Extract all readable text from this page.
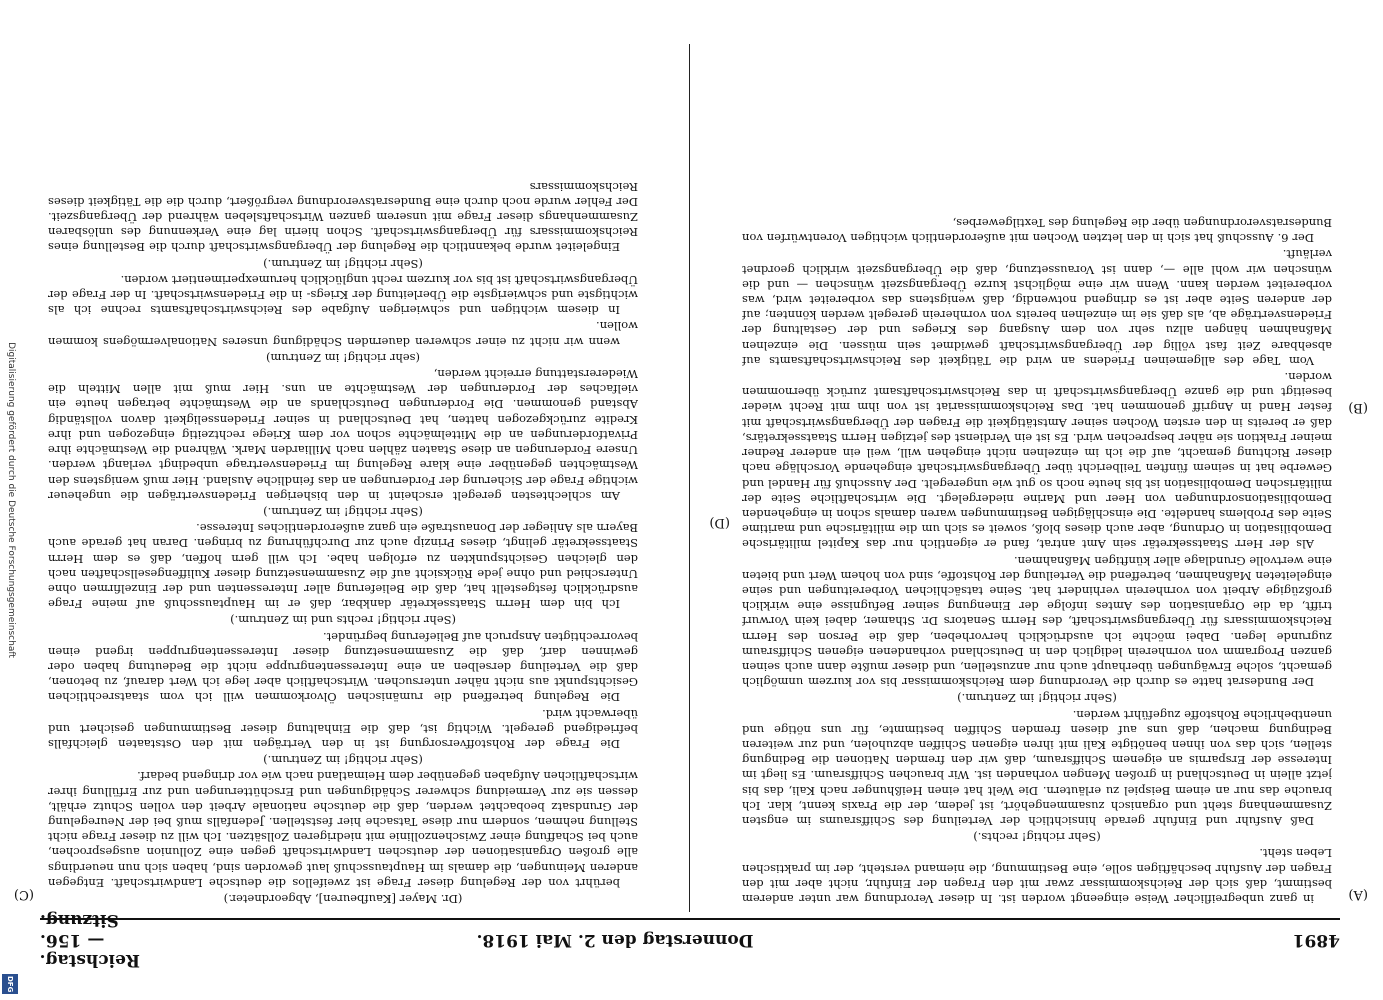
Digitalisierung gefördert durch die Deutsche Forschungsgemeinschaft
DFG
4891
Donnerstag den 2. Mai 1918.
Reichstag. — 156. Sitzung.
(C)
(D)
(A)
(B)

in ganz unbegreiflicher Weise eingeengt worden ist. In dieser Verordnung war unter anderem bestimmt, daß sich der Reichskommissar zwar mit den Fragen der Einfuhr, nicht aber mit den Fragen der Ausfuhr beschäftigen solle, eine Bestimmung, die niemand versteht, der im praktischen Leben steht.

(Sehr richtig! rechts.)

Daß Ausfuhr und Einfuhr gerade hinsichtlich der Verteilung des Schiffsraums im engsten Zusammenhang steht und organisch zusammengehört, ist jedem, der die Praxis kennt, klar. Ich brauche das nur an einem Beispiel zu erläutern. Die Welt hat einen Heißhunger nach Kali, das bis jetzt allein in Deutschland in großen Mengen vorhanden ist. Wir brauchen Schiffsraum. Es liegt im Interesse der Ersparnis an eigenem Schiffsraum, daß wir den fremden Nationen die Bedingung stellen, sich das von ihnen benötigte Kali mit ihren eigenen Schiffen abzuholen, und zur weiteren Bedingung machen, daß uns auf diesen fremden Schiffen bestimmte, für uns nötige und unentbehrliche Rohstoffe zugeführt werden.

(Sehr richtig! im Zentrum.)

Der Bundesrat hatte es durch die Verordnung dem Reichskommissar bis vor kurzem unmöglich gemacht, solche Erwägungen überhaupt auch nur anzustellen, und dieser mußte dann auch seinen ganzen Programm von vornherein lediglich den in Deutschland vorhandenen eigenen Schiffsraum zugrunde legen. Dabei möchte ich ausdrücklich hervorheben, daß die Person des Herrn Reichskommissars für Übergangswirtschaft, des Herrn Senators Dr. Sthamer, dabei kein Vorwurf trifft, da die Organisation des Amtes infolge der Einengung seiner Befugnisse eine wirklich großzügige Arbeit von vornherein verhindert hat. Seine tatsächlichen Vorbereitungen und seine eingeleiteten Maßnahmen, betreffend die Verteilung der Rohstoffe, sind von hohem Wert und bieten eine wertvolle Grundlage aller künftigen Maßnahmen.

Als der Herr Staatssekretär sein Amt antrat, fand er eigentlich nur das Kapitel militärische Demobilisation in Ordnung, aber auch dieses bloß, soweit es sich um die militärische und maritime Seite des Problems handelte. Die einschlägigen Bestimmungen waren damals schon in eingehenden Demobilisationsordnungen von Heer und Marine niedergelegt. Die wirtschaftliche Seite der militärischen Demobilisation ist bis heute noch so gut wie ungeregelt. Der Ausschuß für Handel und Gewerbe hat in seinem fünften Teilbericht über Übergangswirtschaft eingehende Vorschläge nach dieser Richtung gemacht, auf die ich im einzelnen nicht eingehen will, weil ein anderer Redner meiner Fraktion sie näher besprechen wird. Es ist ein Verdienst des jetzigen Herrn Staatssekretärs, daß er bereits in den ersten Wochen seiner Amtstätigkeit die Fragen der Übergangswirtschaft mit fester Hand in Angriff genommen hat. Das Reichskommissariat ist von ihm mit Recht wieder beseitigt und die ganze Übergangswirtschaft in das Reichswirtschaftsamt zurück übernommen worden.

Vom Tage des allgemeinen Friedens an wird die Tätigkeit des Reichswirtschaftsamts auf absehbare Zeit fast völlig der Übergangswirtschaft gewidmet sein müssen. Die einzelnen Maßnahmen hängen allzu sehr von dem Ausgang des Krieges und der Gestaltung der Friedensverträge ab, als daß sie im einzelnen bereits von vornherein geregelt werden könnten; auf der anderen Seite aber ist es dringend notwendig, daß wenigstens das vorbereitet wird, was vorbereitet werden kann. Wenn wir eine möglichst kurze Übergangszeit wünschen — und die wünschen wir wohl alle —, dann ist Voraussetzung, daß die Übergangszeit wirklich geordnet verläuft.

Der 6. Ausschuß hat sich in den letzten Wochen mit außerordentlich wichtigen Vorentwürfen von Bundesratsverordnungen über die Regelung des Textilgewerbes,

(Dr. Mayer [Kaufbeuren], Abgeordneter.)

berührt von der Regelung dieser Frage ist zweifellos die deutsche Landwirtschaft. Entgegen anderen Meinungen, die damals im Hauptausschuß laut geworden sind, haben sich nun neuerdings alle großen Organisationen der deutschen Landwirtschaft gegen eine Zollunion ausgesprochen, auch bei Schaffung einer Zwischenzollinie mit niedrigeren Zollsätzen. Ich will zu dieser Frage nicht Stellung nehmen, sondern nur diese Tatsache hier feststellen. Jedenfalls muß bei der Neuregelung der Grundsatz beobachtet werden, daß die deutsche nationale Arbeit den vollen Schutz erhält, dessen sie zur Vermeidung schwerer Schädigungen und Erschütterungen und zur Erfüllung ihrer wirtschaftlichen Aufgaben gegenüber dem Heimatland nach wie vor dringend bedarf.

(Sehr richtig! im Zentrum.)

Die Frage der Rohstoffversorgung ist in den Verträgen mit den Oststaaten gleichfalls befriedigend geregelt. Wichtig ist, daß die Einhaltung dieser Bestimmungen gesichert und überwacht wird.

Die Regelung betreffend die rumänischen Ölvorkommen will ich vom staatsrechtlichen Gesichtspunkt aus nicht näher untersuchen. Wirtschaftlich aber lege ich Wert darauf, zu betonen, daß die Verteilung derselben an eine Interessentengruppe nicht die Bedeutung haben oder gewinnen darf, daß die Zusammensetzung dieser Interessentengruppen irgend einen bevorrechtigten Anspruch auf Belieferung begründet.

(Sehr richtig! rechts und im Zentrum.)

Ich bin dem Herrn Staatssekretär dankbar, daß er im Hauptausschuß auf meine Frage ausdrücklich festgestellt hat, daß die Belieferung aller Interessenten und der Einzelfirmen ohne Unterschied und ohne jede Rücksicht auf die Zusammensetzung dieser Kuliffengesellschaften nach den gleichen Gesichtspunkten zu erfolgen habe. Ich will gern hoffen, daß es dem Herrn Staatssekretär gelingt, dieses Prinzip auch zur Durchführung zu bringen. Daran hat gerade auch Bayern als Anlieger der Donaustraße ein ganz außerordentliches Interesse.

(Sehr richtig! im Zentrum.)

Am schlechtesten geregelt erscheint in den bisherigen Friedensverträgen die ungeheuer wichtige Frage der Sicherung der Forderungen an das feindliche Ausland. Hier muß wenigstens den Westmächten gegenüber eine klare Regelung im Friedensvertrage unbedingt verlangt werden. Unsere Forderungen an diese Staaten zählen nach Milliarden Mark. Während die Westmächte ihre Privatforderungen an die Mittelmächte schon vor dem Kriege rechtzeitig eingezogen und ihre Kredite zurückgezogen hatten, hat Deutschland in seiner Friedensseligkeit davon vollständig Abstand genommen. Die Forderungen Deutschlands an die Westmächte betragen heute ein vielfaches der Forderungen der Westmächte an uns. Hier muß mit allen Mitteln die Wiedererstattung erreicht werden,

(sehr richtig! im Zentrum)

wenn wir nicht zu einer schweren dauernden Schädigung unseres Nationalvermögens kommen wollen.

In diesem wichtigen und schwierigen Aufgabe des Reichswirtschaftsamts rechne ich als wichtigste und schwierigste die Überleitung der Kriegs- in die Friedenswirtschaft. In der Frage der Übergangswirtschaft ist bis vor kurzem recht unglücklich herumexperimentiert worden.

(Sehr richtig! im Zentrum.)

Eingeleitet wurde bekanntlich die Regelung der Übergangswirtschaft durch die Bestellung eines Reichskommissars für Übergangswirtschaft. Schon hierin lag eine Verkennung des unlösbaren Zusammenhangs dieser Frage mit unserem ganzen Wirtschaftsleben während der Übergangszeit. Der Fehler wurde noch durch eine Bundesratsverordnung vergrößert, durch die die Tätigkeit dieses Reichskommissars
